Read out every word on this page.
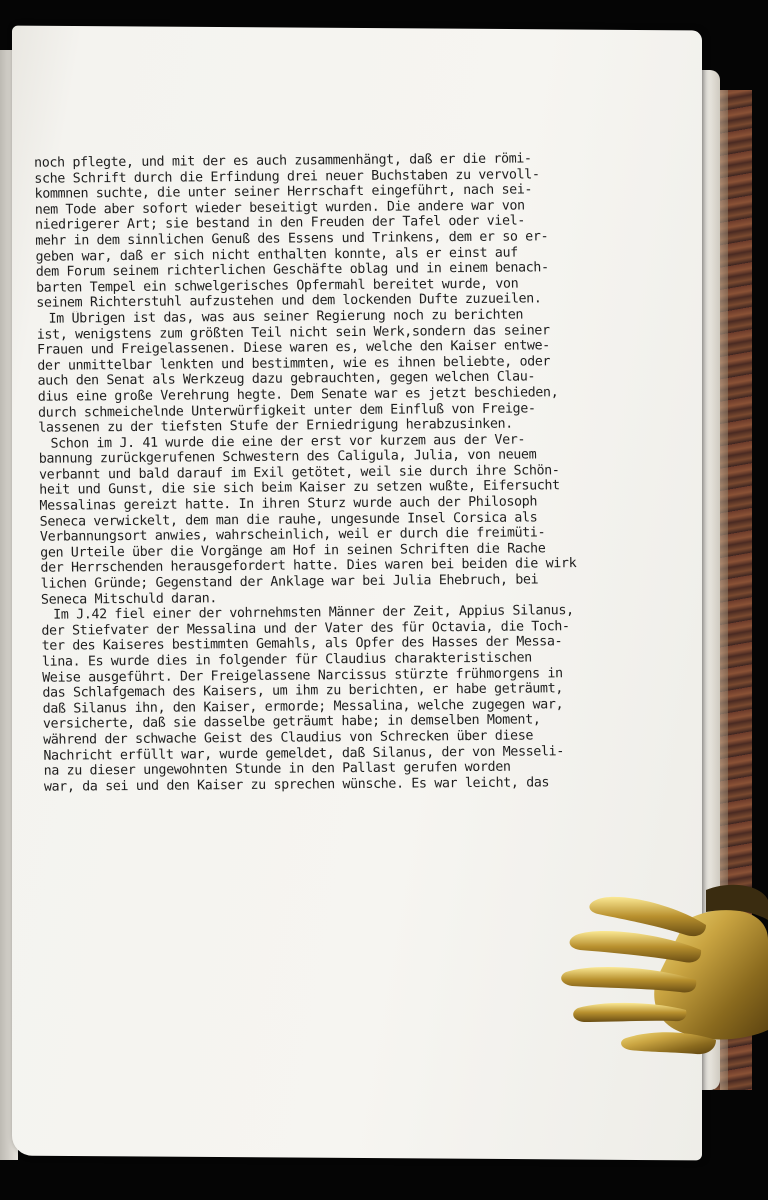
noch pflegte, und mit der es auch zusammenhängt, daß er die römi-
sche Schrift durch die Erfindung drei neuer Buchstaben zu vervoll-
kommnen suchte, die unter seiner Herrschaft eingeführt, nach sei-
nem Tode aber sofort wieder beseitigt wurden. Die andere war von
niedrigerer Art; sie bestand in den Freuden der Tafel oder viel-
mehr in dem sinnlichen Genuß des Essens und Trinkens, dem er so er-
geben war, daß er sich nicht enthalten konnte, als er einst auf
dem Forum seinem richterlichen Geschäfte oblag und in einem benach-
barten Tempel ein schwelgerisches Opfermahl bereitet wurde, von
seinem Richterstuhl aufzustehen und dem lockenden Dufte zuzueilen.
Im Übrigen ist das, was aus seiner Regierung noch zu berichten
ist, wenigstens zum größten Teil nicht sein Werk,sondern das seiner
Frauen und Freigelassenen. Diese waren es, welche den Kaiser entwe-
der unmittelbar lenkten und bestimmten, wie es ihnen beliebte, oder
auch den Senat als Werkzeug dazu gebrauchten, gegen welchen Clau-
dius eine große Verehrung hegte. Dem Senate war es jetzt beschieden,
durch schmeichelnde Unterwürfigkeit unter dem Einfluß von Freige-
lassenen zu der tiefsten Stufe der Erniedrigung herabzusinken.
Schon im J. 41 wurde die eine der erst vor kurzem aus der Ver-
bannung zurückgerufenen Schwestern des Caligula, Julia, von neuem
verbannt und bald darauf im Exil getötet, weil sie durch ihre Schön-
heit und Gunst, die sie sich beim Kaiser zu setzen wußte, Eifersucht
Messalinas gereizt hatte. In ihren Sturz wurde auch der Philosoph
Seneca verwickelt, dem man die rauhe, ungesunde Insel Corsica als
Verbannungsort anwies, wahrscheinlich, weil er durch die freimüti-
gen Urteile über die Vorgänge am Hof in seinen Schriften die Rache
der Herrschenden herausgefordert hatte. Dies waren bei beiden die wirk
lichen Gründe; Gegenstand der Anklage war bei Julia Ehebruch, bei
Seneca Mitschuld daran.
Im J.42 fiel einer der vohrnehmsten Männer der Zeit, Appius Silanus,
der Stiefvater der Messalina und der Vater des für Octavia, die Toch-
ter des Kaiseres bestimmten Gemahls, als Opfer des Hasses der Messa-
lina. Es wurde dies in folgender für Claudius charakteristischen
Weise ausgeführt. Der Freigelassene Narcissus stürzte frühmorgens in
das Schlafgemach des Kaisers, um ihm zu berichten, er habe geträumt,
daß Silanus ihn, den Kaiser, ermorde; Messalina, welche zugegen war,
versicherte, daß sie dasselbe geträumt habe; in demselben Moment,
während der schwache Geist des Claudius von Schrecken über diese
Nachricht erfüllt war, wurde gemeldet, daß Silanus, der von Messeli-
na zu dieser ungewohnten Stunde in den Pallast gerufen worden
war, da sei und den Kaiser zu sprechen wünsche. Es war leicht, das
